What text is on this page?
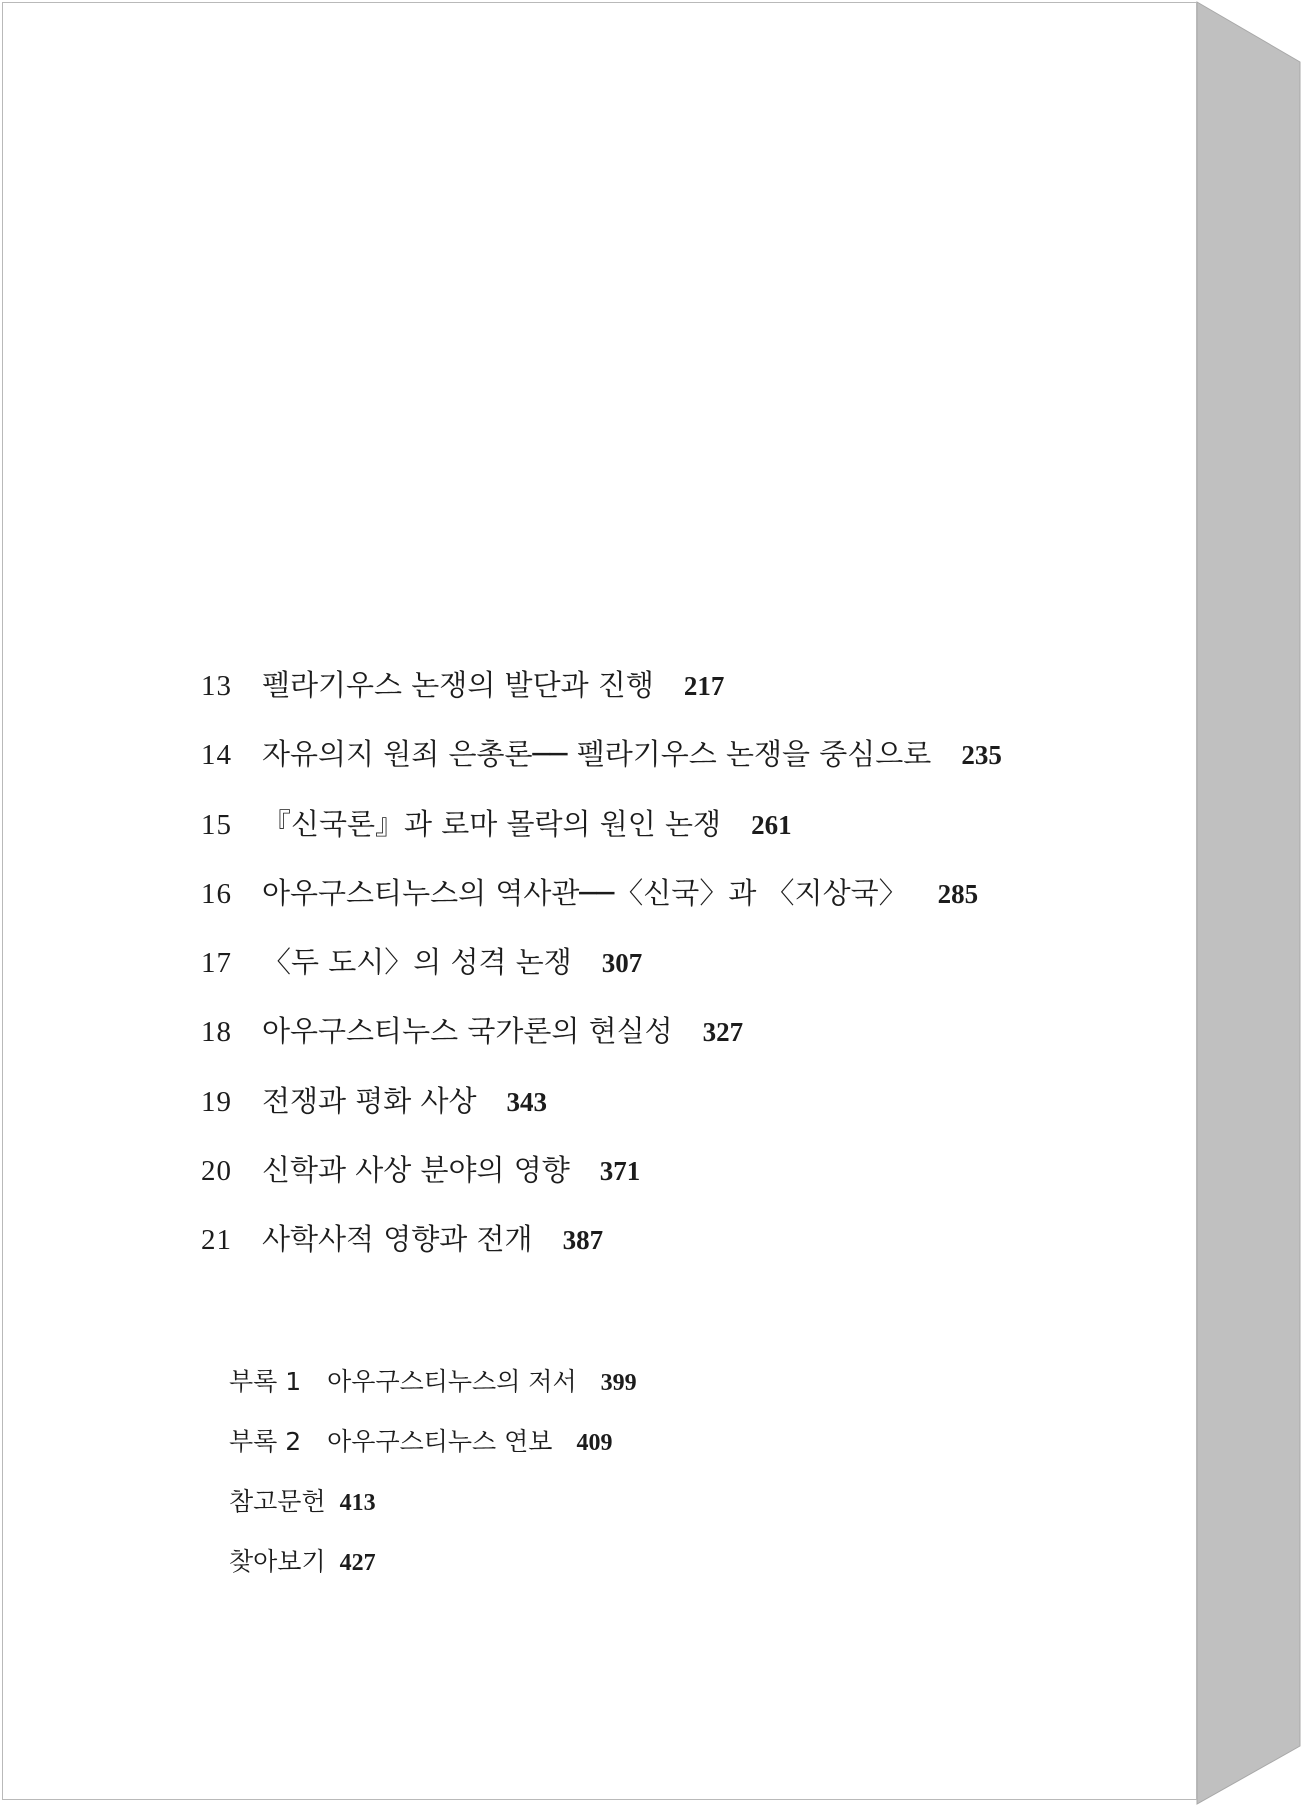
13 펠라기우스 논쟁의 발단과 진행 217
14 자유의지 원죄 은총론── 펠라기우스 논쟁을 중심으로 235
15 『신국론』과 로마 몰락의 원인 논쟁 261
16 아우구스티누스의 역사관──〈신국〉과 〈지상국〉 285
17 〈두 도시〉의 성격 논쟁 307
18 아우구스티누스 국가론의 현실성 327
19 전쟁과 평화 사상 343
20 신학과 사상 분야의 영향 371
21 사학사적 영향과 전개 387
부록 1 아우구스티누스의 저서 399
부록 2 아우구스티누스 연보 409
참고문헌 413
찾아보기 427
